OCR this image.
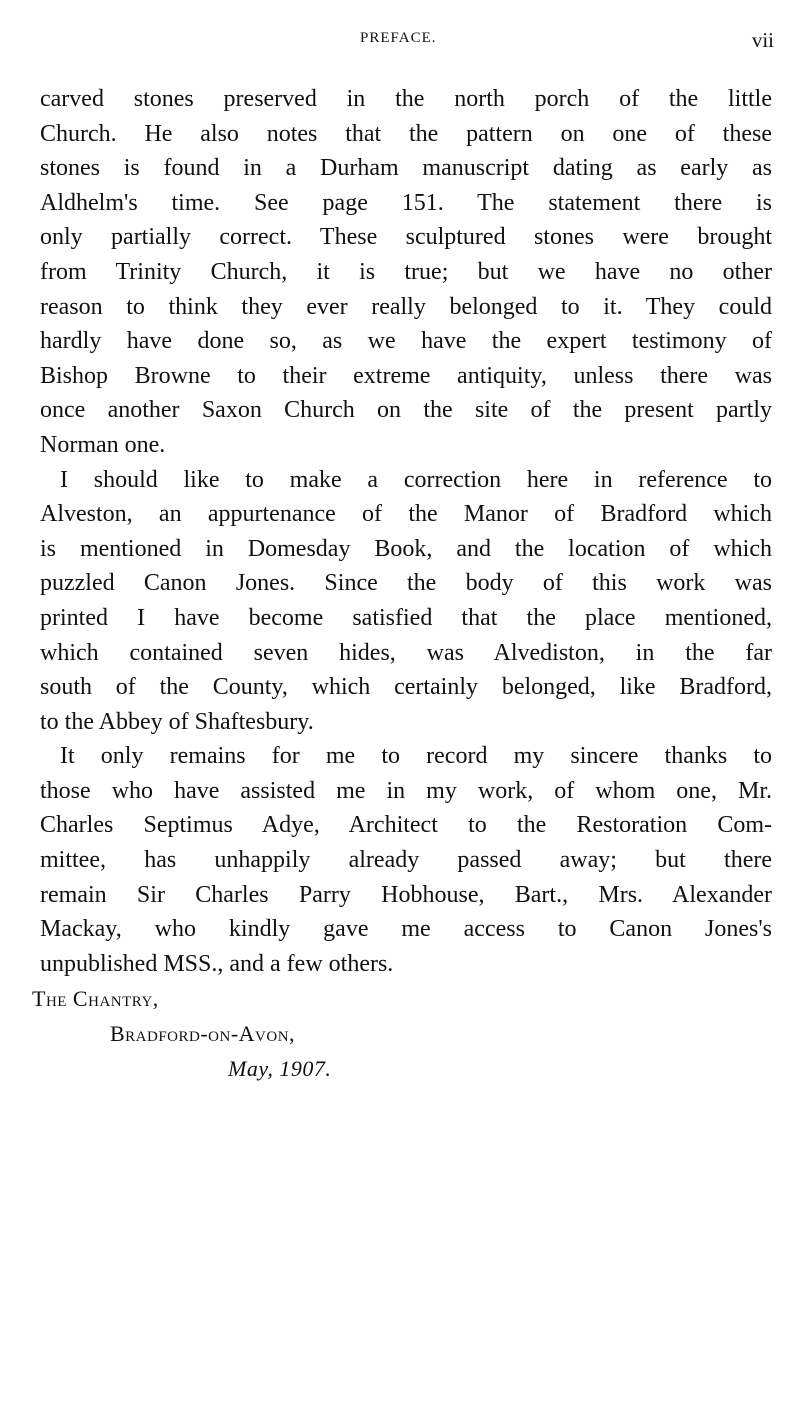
PREFACE.	vii
carved stones preserved in the north porch of the little
Church. He also notes that the pattern on one of these
stones is found in a Durham manuscript dating as early as
Aldhelm's time. See page 151. The statement there is
only partially correct. These sculptured stones were brought
from Trinity Church, it is true; but we have no other
reason to think they ever really belonged to it. They could
hardly have done so, as we have the expert testimony of
Bishop Browne to their extreme antiquity, unless there was
once another Saxon Church on the site of the present partly
Norman one.
I should like to make a correction here in reference to
Alveston, an appurtenance of the Manor of Bradford which
is mentioned in Domesday Book, and the location of which
puzzled Canon Jones. Since the body of this work was
printed I have become satisfied that the place mentioned,
which contained seven hides, was Alvediston, in the far
south of the County, which certainly belonged, like Bradford,
to the Abbey of Shaftesbury.
It only remains for me to record my sincere thanks to
those who have assisted me in my work, of whom one, Mr.
Charles Septimus Adye, Architect to the Restoration Com-
mittee, has unhappily already passed away; but there
remain Sir Charles Parry Hobhouse, Bart., Mrs. Alexander
Mackay, who kindly gave me access to Canon Jones's
unpublished MSS., and a few others.
The Chantry,
Bradford-on-Avon,
May, 1907.
